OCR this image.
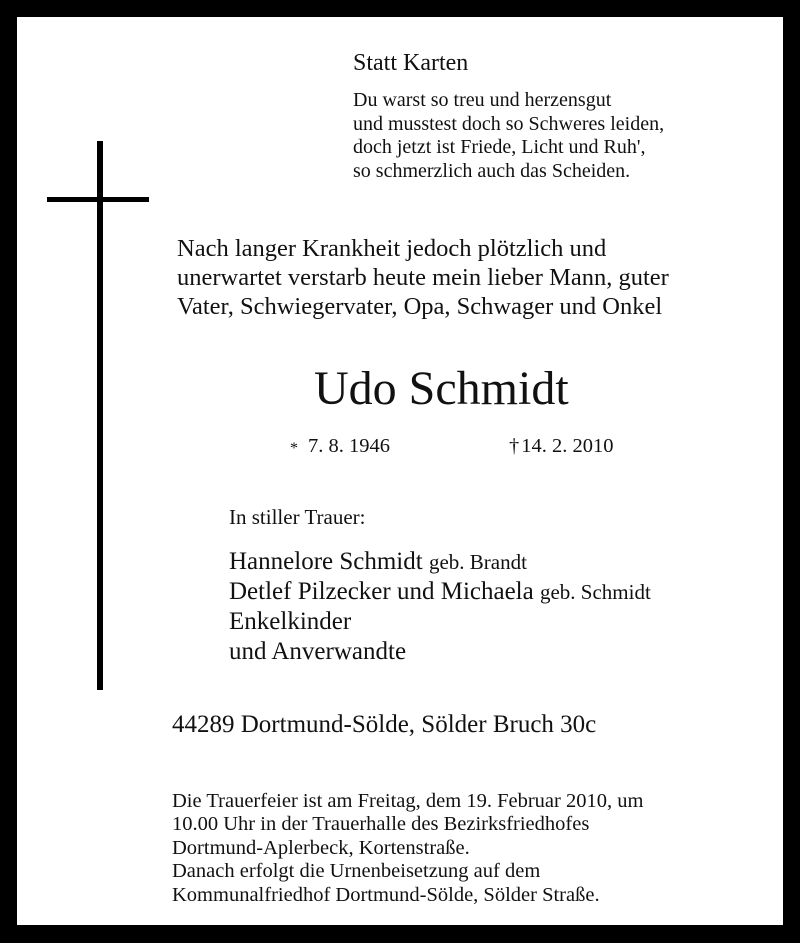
Statt Karten
Du warst so treu und herzensgut
und musstest doch so Schweres leiden,
doch jetzt ist Friede, Licht und Ruh',
so schmerzlich auch das Scheiden.
Nach langer Krankheit jedoch plötzlich und
unerwartet verstarb heute mein lieber Mann, guter
Vater, Schwiegervater, Opa, Schwager und Onkel
Udo Schmidt
* 7. 8. 1946	†14. 2. 2010
In stiller Trauer:
Hannelore Schmidt geb. Brandt
Detlef Pilzecker und Michaela geb. Schmidt
Enkelkinder
und Anverwandte
44289 Dortmund-Sölde, Sölder Bruch 30c
Die Trauerfeier ist am Freitag, dem 19. Februar 2010, um
10.00 Uhr in der Trauerhalle des Bezirksfriedhofes
Dortmund-Aplerbeck, Kortenstraße.
Danach erfolgt die Urnenbeisetzung auf dem
Kommunalfriedhof Dortmund-Sölde, Sölder Straße.
